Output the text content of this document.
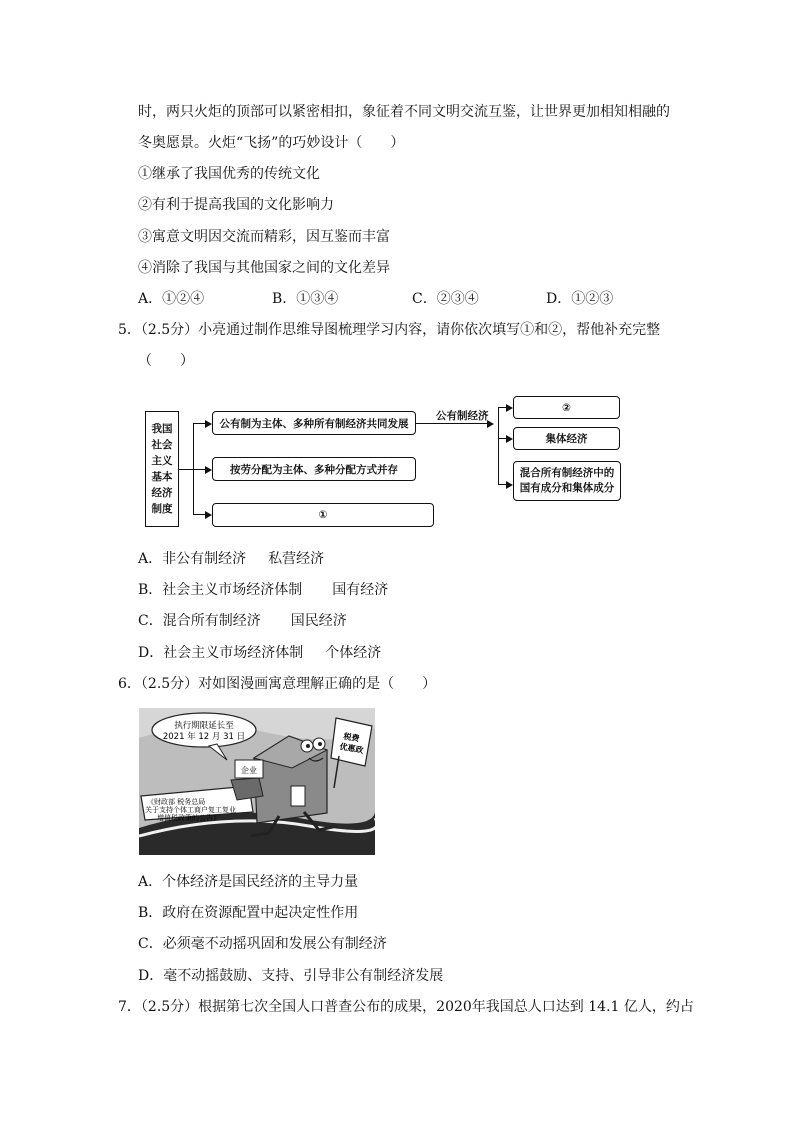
时，两只火炬的顶部可以紧密相扣，象征着不同文明交流互鉴，让世界更加相知相融的
冬奥愿景。火炬“飞扬”的巧妙设计（　　）
①继承了我国优秀的传统文化
②有利于提高我国的文化影响力
③寓意文明因交流而精彩，因互鉴而丰富
④消除了我国与其他国家之间的文化差异
A．①②④	B．①③④	C．②③④	D．①②③
5．（2.5分）小亮通过制作思维导图梳理学习内容，请你依次填写①和②，帮他补充完整
（　　）
我国
社会
主义
基本
经济
制度
公有制为主体、多种所有制经济共同发展
按劳分配为主体、多种分配方式并存
①
公有制经济
②
集体经济
混合所有制经济中的
国有成分和集体成分
A．非公有制经济 私营经济
B．社会主义市场经济体制 国有经济
C．混合所有制经济 国民经济
D．社会主义市场经济体制 个体经济
6．（2.5分）对如图漫画寓意理解正确的是（　　）
执行期限延长至
2021 年 12 月 31 日	税费
优惠政
企业
《财政部 税务总局
关于支持个体工商户复工复业
增值税政策的公告》
A．个体经济是国民经济的主导力量
B．政府在资源配置中起决定性作用
C．必须毫不动摇巩固和发展公有制经济
D．毫不动摇鼓励、支持、引导非公有制经济发展
7．（2.5分）根据第七次全国人口普查公布的成果，2020年我国总人口达到 14.1 亿人，约占
